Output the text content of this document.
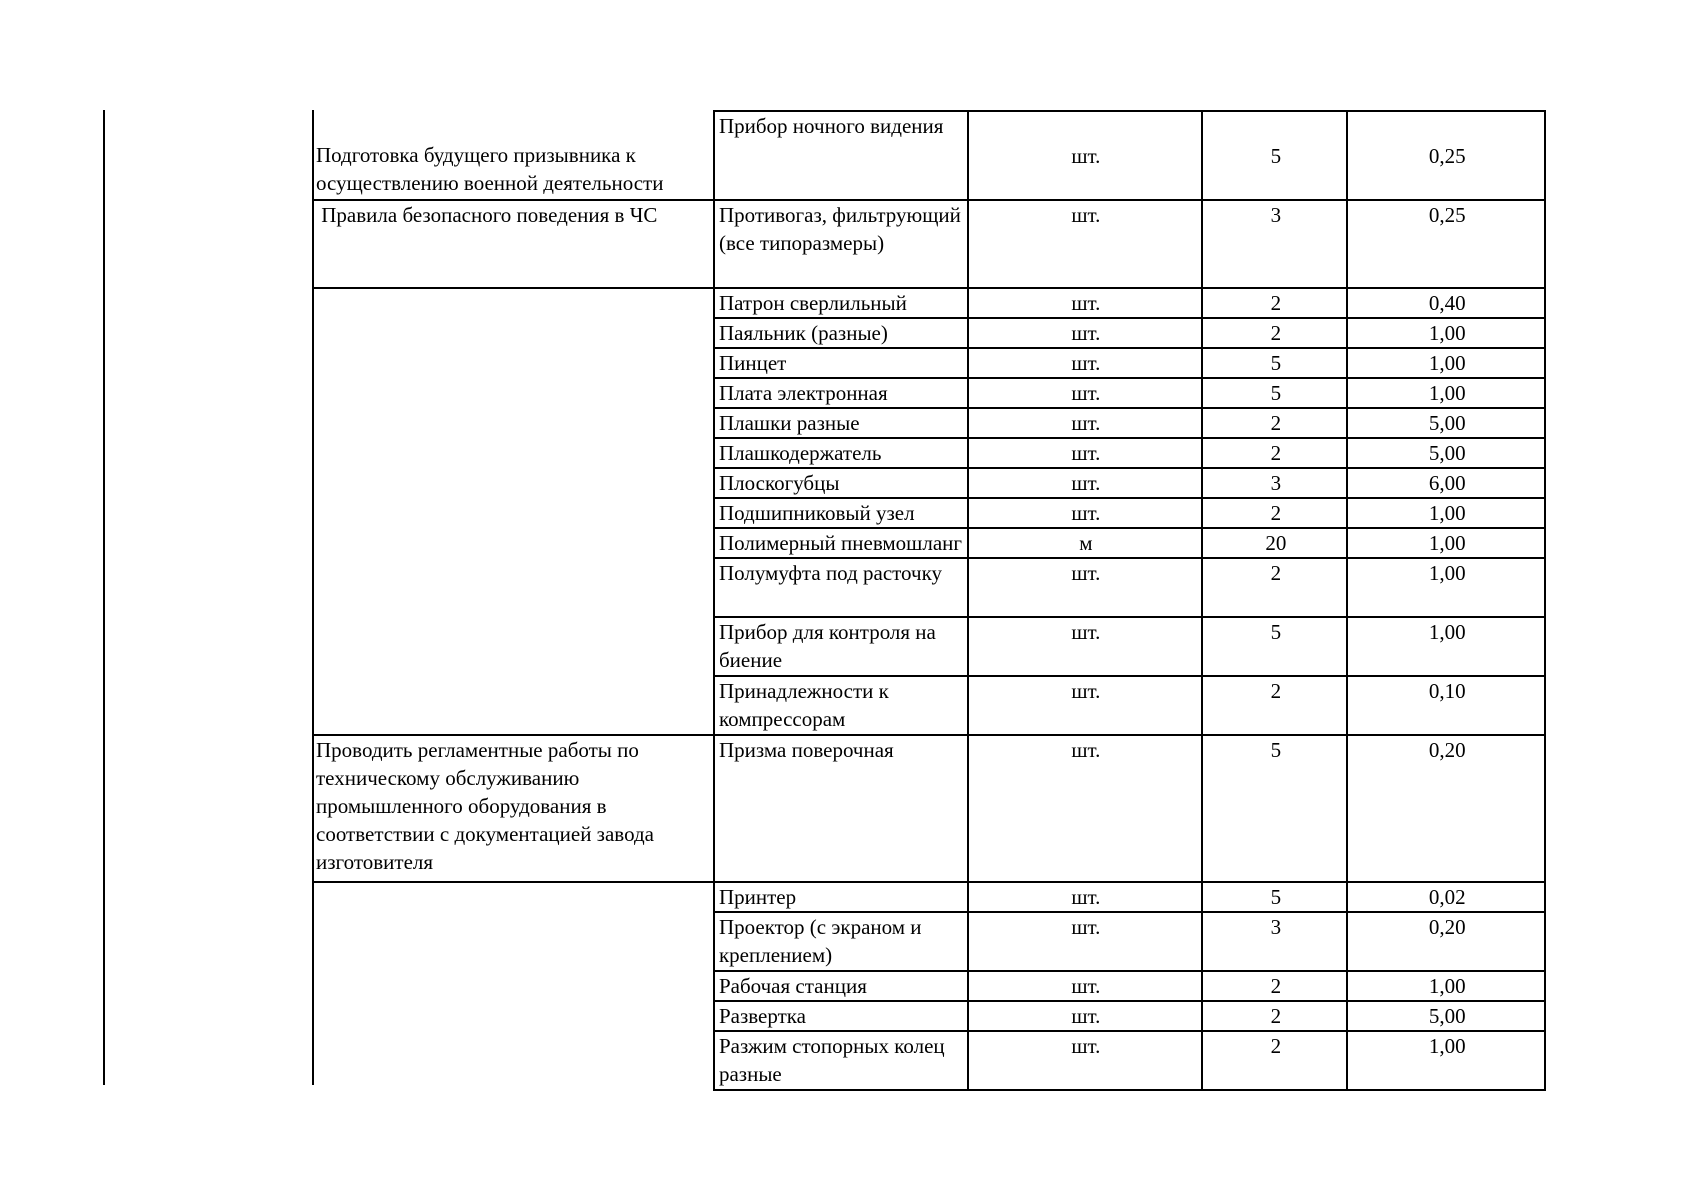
Подготовка будущего призывника к осуществлению военной деятельности	Прибор ночного видения	шт.	5	0,25
Правила безопасного поведения в ЧС	Противогаз, фильтрующий (все типоразмеры)	шт.	3	0,25
	Патрон сверлильный	шт.	2	0,40
	Паяльник (разные)	шт.	2	1,00
	Пинцет	шт.	5	1,00
	Плата электронная	шт.	5	1,00
	Плашки разные	шт.	2	5,00
	Плашкодержатель	шт.	2	5,00
	Плоскогубцы	шт.	3	6,00
	Подшипниковый узел	шт.	2	1,00
	Полимерный пневмошланг	м	20	1,00
	Полумуфта под расточку	шт.	2	1,00
	Прибор для контроля на биение	шт.	5	1,00
	Принадлежности к компрессорам	шт.	2	0,10
Проводить регламентные работы по техническому обслуживанию промышленного оборудования в соответствии с документацией завода изготовителя	Призма поверочная	шт.	5	0,20
	Принтер	шт.	5	0,02
	Проектор (с экраном и креплением)	шт.	3	0,20
	Рабочая станция	шт.	2	1,00
	Развертка	шт.	2	5,00
	Разжим стопорных колец разные	шт.	2	1,00
